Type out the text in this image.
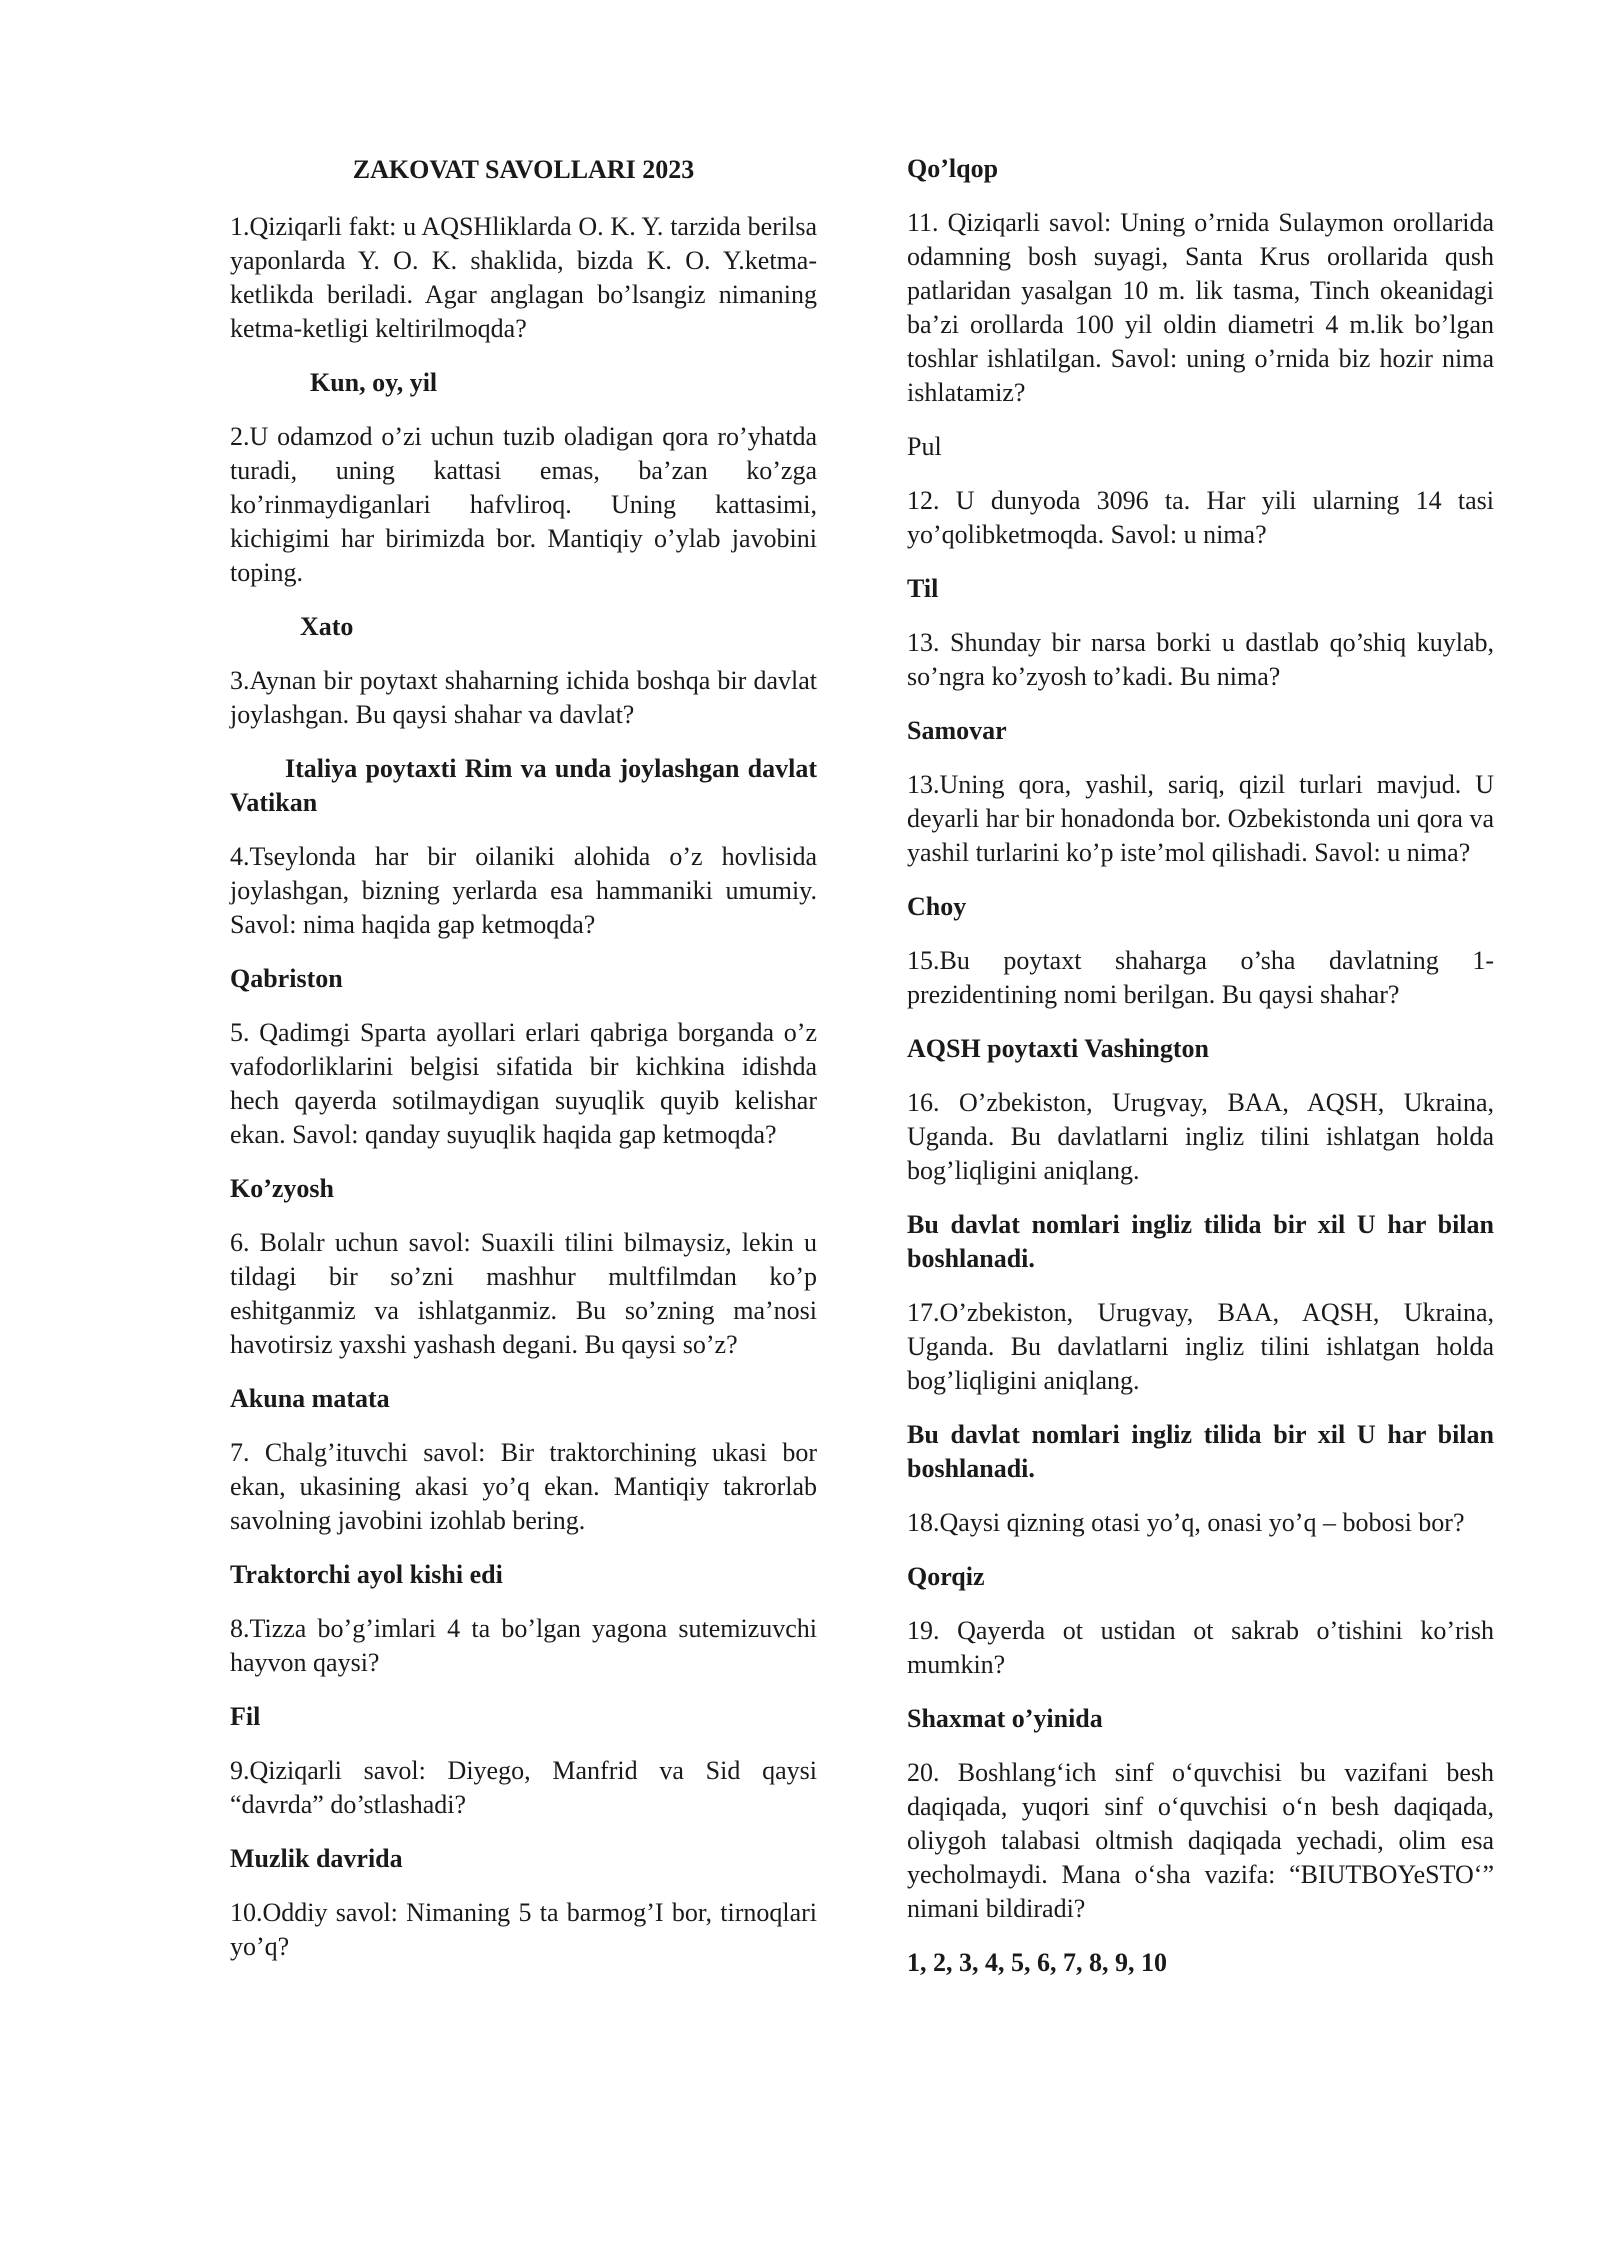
ZAKOVAT SAVOLLARI 2023

1.Qiziqarli fakt: u AQSHliklarda O. K. Y. tarzida berilsa yaponlarda Y. O. K. shaklida, bizda K. O. Y.ketma-ketlikda beriladi. Agar anglagan bo’lsangiz nimaning ketma-ketligi keltirilmoqda?

Kun, oy, yil

2.U odamzod o’zi uchun tuzib oladigan qora ro’yhatda turadi, uning kattasi emas, ba’zan ko’zga ko’rinmaydiganlari hafvliroq. Uning kattasimi, kichigimi har birimizda bor. Mantiqiy o’ylab javobini toping.

Xato

3.Aynan bir poytaxt shaharning ichida boshqa bir davlat joylashgan. Bu qaysi shahar va davlat?

Italiya poytaxti Rim va unda joylashgan davlat Vatikan

4.Tseylonda har bir oilaniki alohida o’z hovlisida joylashgan, bizning yerlarda esa hammaniki umumiy. Savol: nima haqida gap ketmoqda?

Qabriston

5. Qadimgi Sparta ayollari erlari qabriga borganda o’z vafodorliklarini belgisi sifatida bir kichkina idishda hech qayerda sotilmaydigan suyuqlik quyib kelishar ekan. Savol: qanday suyuqlik haqida gap ketmoqda?

Ko’zyosh

6. Bolalr uchun savol: Suaxili tilini bilmaysiz, lekin u tildagi bir so’zni mashhur multfilmdan ko’p eshitganmiz va ishlatganmiz. Bu so’zning ma’nosi havotirsiz yaxshi yashash degani. Bu qaysi so’z?

Akuna matata

7. Chalg’ituvchi savol: Bir traktorchining ukasi bor ekan, ukasining akasi yo’q ekan. Mantiqiy takrorlab savolning javobini izohlab bering.

Traktorchi ayol kishi edi

8.Tizza bo’g’imlari 4 ta bo’lgan yagona sutemizuvchi hayvon qaysi?

Fil

9.Qiziqarli savol: Diyego, Manfrid va Sid qaysi “davrda” do’stlashadi?

Muzlik davrida

10.Oddiy savol: Nimaning 5 ta barmog’I bor, tirnoqlari yo’q?

Qo’lqop

11. Qiziqarli savol: Uning o’rnida Sulaymon orollarida odamning bosh suyagi, Santa Krus orollarida qush patlaridan yasalgan 10 m. lik tasma, Tinch okeanidagi ba’zi orollarda 100 yil oldin diametri 4 m.lik bo’lgan toshlar ishlatilgan. Savol: uning o’rnida biz hozir nima ishlatamiz?

Pul

12. U dunyoda 3096 ta. Har yili ularning 14 tasi yo’qolibketmoqda. Savol: u nima?

Til

13. Shunday bir narsa borki u dastlab qo’shiq kuylab, so’ngra ko’zyosh to’kadi. Bu nima?

Samovar

13.Uning qora, yashil, sariq, qizil turlari mavjud. U deyarli har bir honadonda bor. Ozbekistonda uni qora va yashil turlarini ko’p iste’mol qilishadi. Savol: u nima?

Choy

15.Bu poytaxt shaharga o’sha davlatning 1-prezidentining nomi berilgan. Bu qaysi shahar?

AQSH poytaxti Vashington

16. O’zbekiston, Urugvay, BAA, AQSH, Ukraina, Uganda. Bu davlatlarni ingliz tilini ishlatgan holda bog’liqligini aniqlang.

Bu davlat nomlari ingliz tilida bir xil U har bilan boshlanadi.

17.O’zbekiston, Urugvay, BAA, AQSH, Ukraina, Uganda. Bu davlatlarni ingliz tilini ishlatgan holda bog’liqligini aniqlang.

Bu davlat nomlari ingliz tilida bir xil U har bilan boshlanadi.

18.Qaysi qizning otasi yo’q, onasi yo’q – bobosi bor?

Qorqiz

19. Qayerda ot ustidan ot sakrab o’tishini ko’rish mumkin?

Shaxmat o’yinida

20. Boshlang‘ich sinf o‘quvchisi bu vazifani besh daqiqada, yuqori sinf o‘quvchisi o‘n besh daqiqada, oliygoh talabasi oltmish daqiqada yechadi, olim esa yecholmaydi. Mana o‘sha vazifa: “BIUTBOYeSTO‘” nimani bildiradi?

1, 2, 3, 4, 5, 6, 7, 8, 9, 10
